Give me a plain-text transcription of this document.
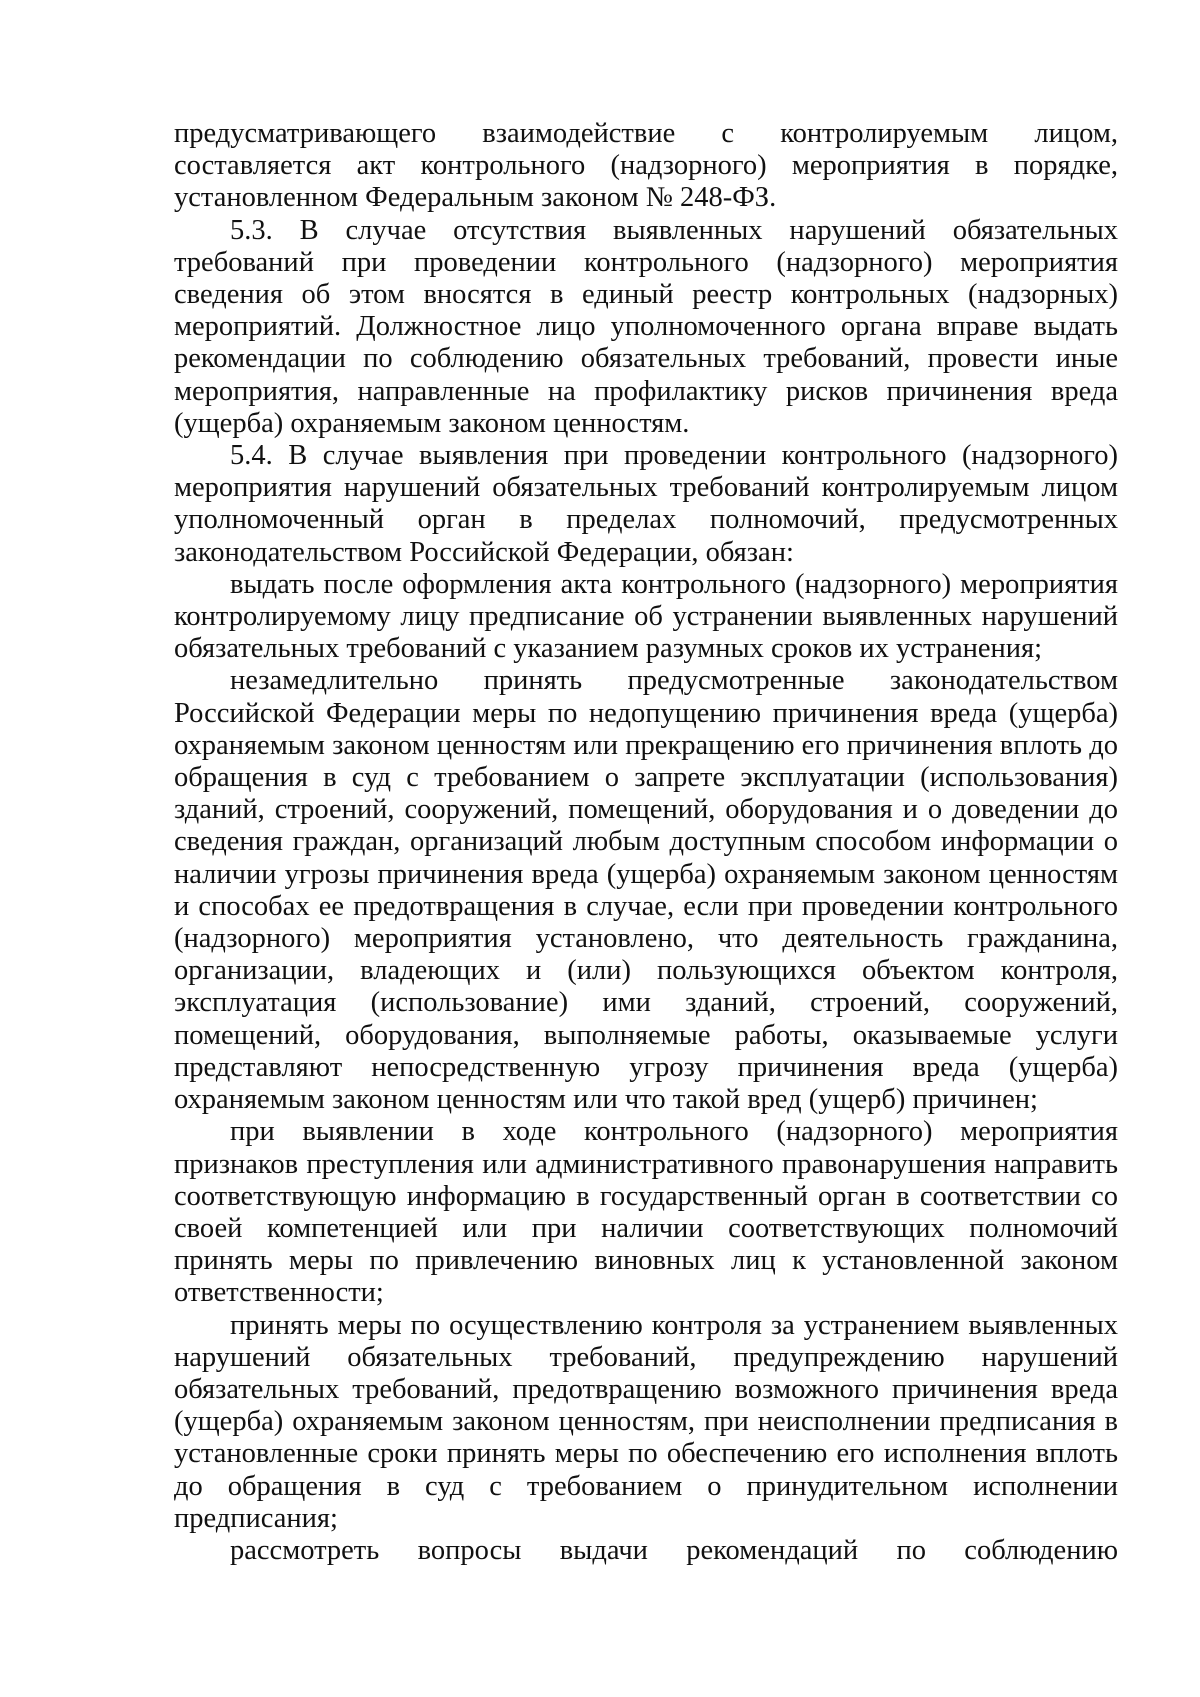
предусматривающего взаимодействие с контролируемым лицом, составляется акт контрольного (надзорного) мероприятия в порядке, установленном Федеральным законом № 248-ФЗ.

5.3. В случае отсутствия выявленных нарушений обязательных требований при проведении контрольного (надзорного) мероприятия сведения об этом вносятся в единый реестр контрольных (надзорных) мероприятий. Должностное лицо уполномоченного органа вправе выдать рекомендации по соблюдению обязательных требований, провести иные мероприятия, направленные на профилактику рисков причинения вреда (ущерба) охраняемым законом ценностям.

5.4. В случае выявления при проведении контрольного (надзорного) мероприятия нарушений обязательных требований контролируемым лицом уполномоченный орган в пределах полномочий, предусмотренных законодательством Российской Федерации, обязан:

выдать после оформления акта контрольного (надзорного) мероприятия контролируемому лицу предписание об устранении выявленных нарушений обязательных требований с указанием разумных сроков их устранения;

незамедлительно принять предусмотренные законодательством Российской Федерации меры по недопущению причинения вреда (ущерба) охраняемым законом ценностям или прекращению его причинения вплоть до обращения в суд с требованием о запрете эксплуатации (использования) зданий, строений, сооружений, помещений, оборудования и о доведении до сведения граждан, организаций любым доступным способом информации о наличии угрозы причинения вреда (ущерба) охраняемым законом ценностям и способах ее предотвращения в случае, если при проведении контрольного (надзорного) мероприятия установлено, что деятельность гражданина, организации, владеющих и (или) пользующихся объектом контроля, эксплуатация (использование) ими зданий, строений, сооружений, помещений, оборудования, выполняемые работы, оказываемые услуги представляют непосредственную угрозу причинения вреда (ущерба) охраняемым законом ценностям или что такой вред (ущерб) причинен;

при выявлении в ходе контрольного (надзорного) мероприятия признаков преступления или административного правонарушения направить соответствующую информацию в государственный орган в соответствии со своей компетенцией или при наличии соответствующих полномочий принять меры по привлечению виновных лиц к установленной законом ответственности;

принять меры по осуществлению контроля за устранением выявленных нарушений обязательных требований, предупреждению нарушений обязательных требований, предотвращению возможного причинения вреда (ущерба) охраняемым законом ценностям, при неисполнении предписания в установленные сроки принять меры по обеспечению его исполнения вплоть до обращения в суд с требованием о принудительном исполнении предписания;

рассмотреть вопросы выдачи рекомендаций по соблюдению
